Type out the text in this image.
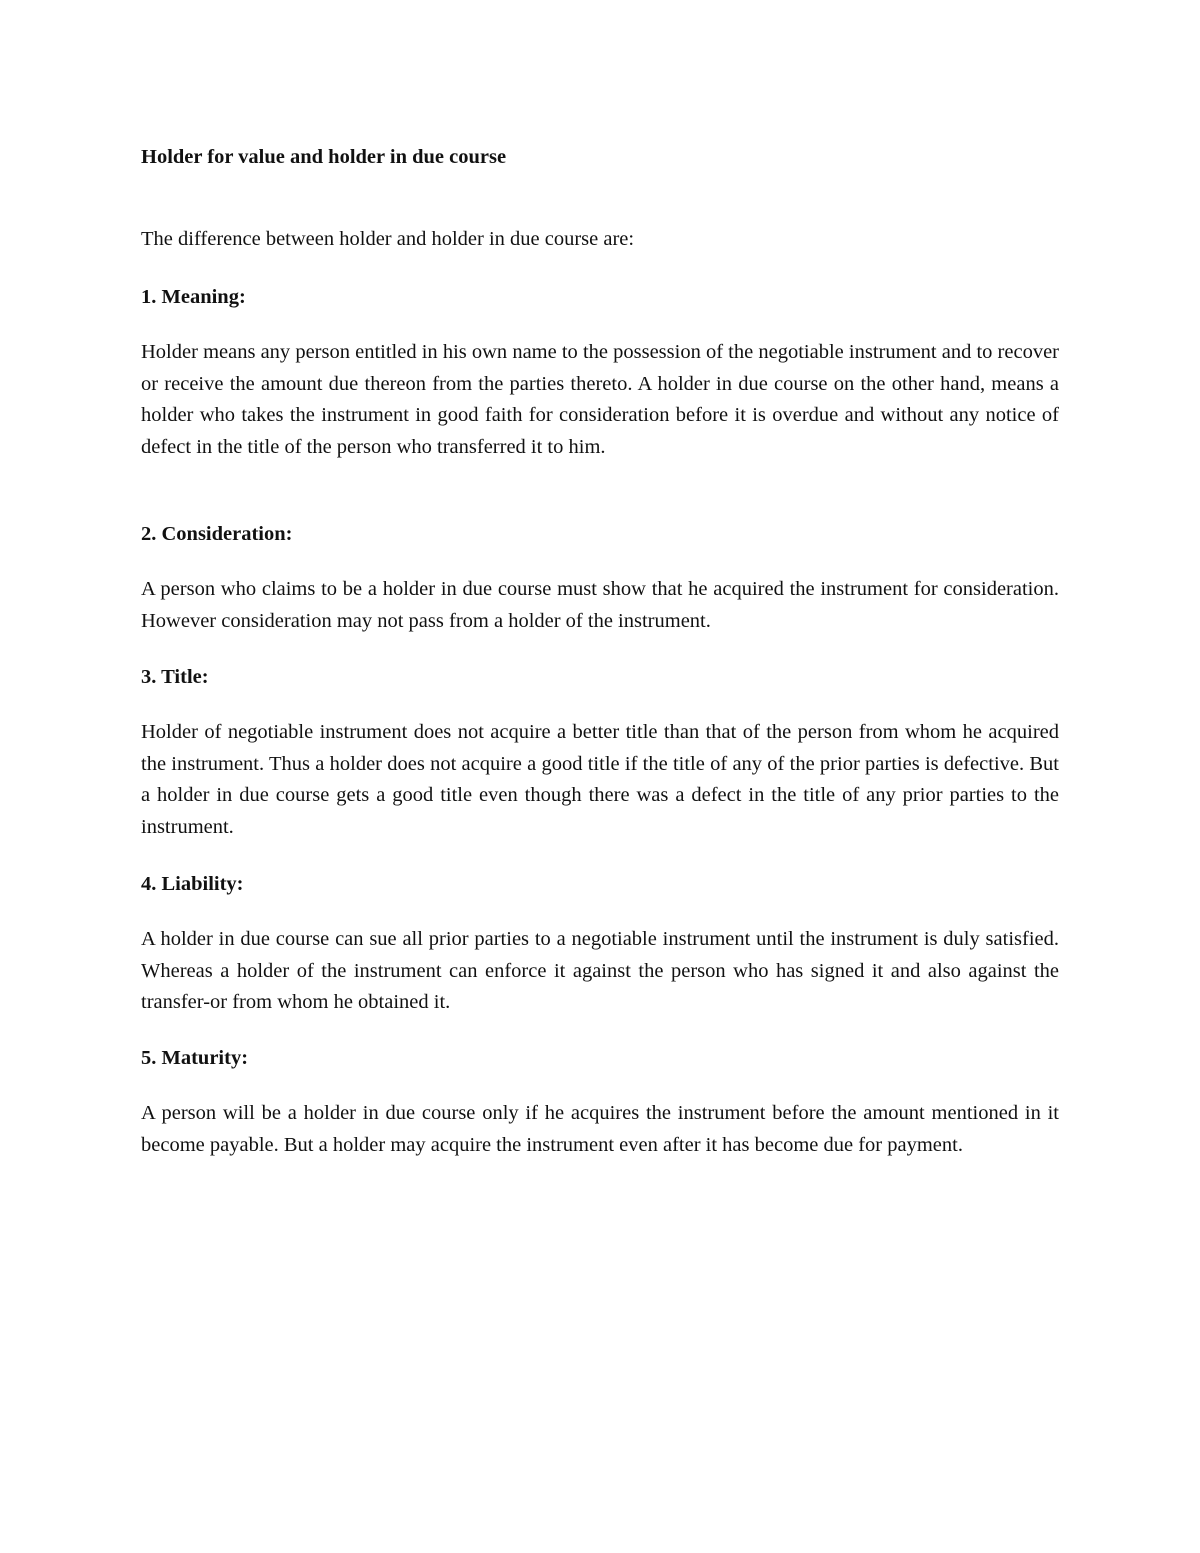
Holder for value and holder in due course
The difference between holder and holder in due course are:

1. Meaning:

Holder means any person entitled in his own name to the possession of the negotiable instrument and to recover or receive the amount due thereon from the parties thereto. A holder in due course on the other hand, means a holder who takes the instrument in good faith for consideration before it is overdue and without any notice of defect in the title of the person who transferred it to him.

2. Consideration:

A person who claims to be a holder in due course must show that he acquired the instrument for consideration. However consideration may not pass from a holder of the instrument.

3. Title:

Holder of negotiable instrument does not acquire a better title than that of the person from whom he acquired the instrument. Thus a holder does not acquire a good title if the title of any of the prior parties is defective. But a holder in due course gets a good title even though there was a defect in the title of any prior parties to the instrument.

4. Liability:

A holder in due course can sue all prior parties to a negotiable instrument until the instrument is duly satisfied. Whereas a holder of the instrument can enforce it against the person who has signed it and also against the transfer-or from whom he obtained it.

5. Maturity:

A person will be a holder in due course only if he acquires the instrument before the amount mentioned in it become payable. But a holder may acquire the instrument even after it has become due for payment.
